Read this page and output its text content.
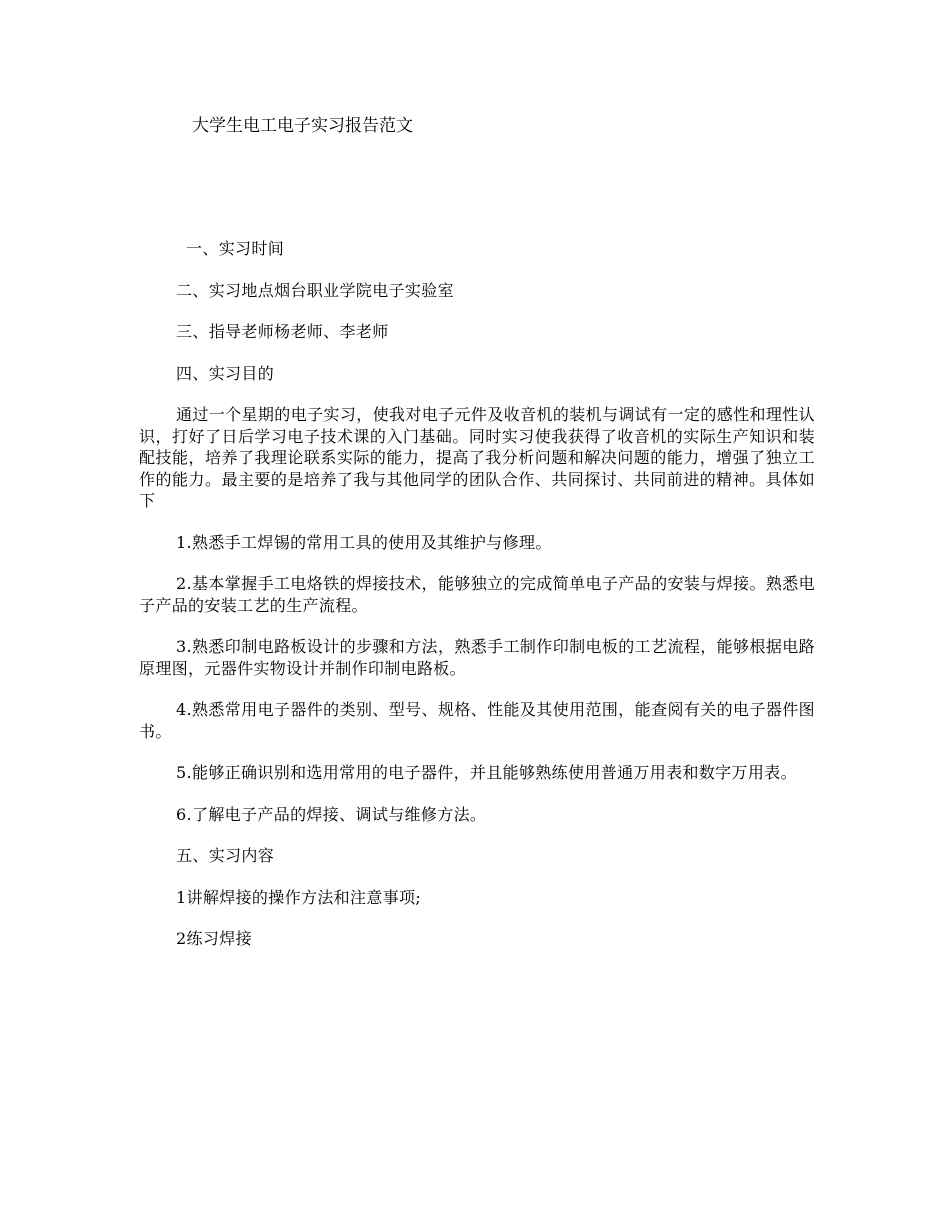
大学生电工电子实习报告范文

一、实习时间

二、实习地点烟台职业学院电子实验室

三、指导老师杨老师、李老师

四、实习目的

通过一个星期的电子实习，使我对电子元件及收音机的装机与调试有一定的感性和理性认识，打好了日后学习电子技术课的入门基础。同时实习使我获得了收音机的实际生产知识和装配技能，培养了我理论联系实际的能力，提高了我分析问题和解决问题的能力，增强了独立工作的能力。最主要的是培养了我与其他同学的团队合作、共同探讨、共同前进的精神。具体如下

1.熟悉手工焊锡的常用工具的使用及其维护与修理。

2.基本掌握手工电烙铁的焊接技术，能够独立的完成简单电子产品的安装与焊接。熟悉电子产品的安装工艺的生产流程。

3.熟悉印制电路板设计的步骤和方法，熟悉手工制作印制电板的工艺流程，能够根据电路原理图，元器件实物设计并制作印制电路板。

4.熟悉常用电子器件的类别、型号、规格、性能及其使用范围，能查阅有关的电子器件图书。

5.能够正确识别和选用常用的电子器件，并且能够熟练使用普通万用表和数字万用表。

6.了解电子产品的焊接、调试与维修方法。

五、实习内容

1讲解焊接的操作方法和注意事项;

2练习焊接
